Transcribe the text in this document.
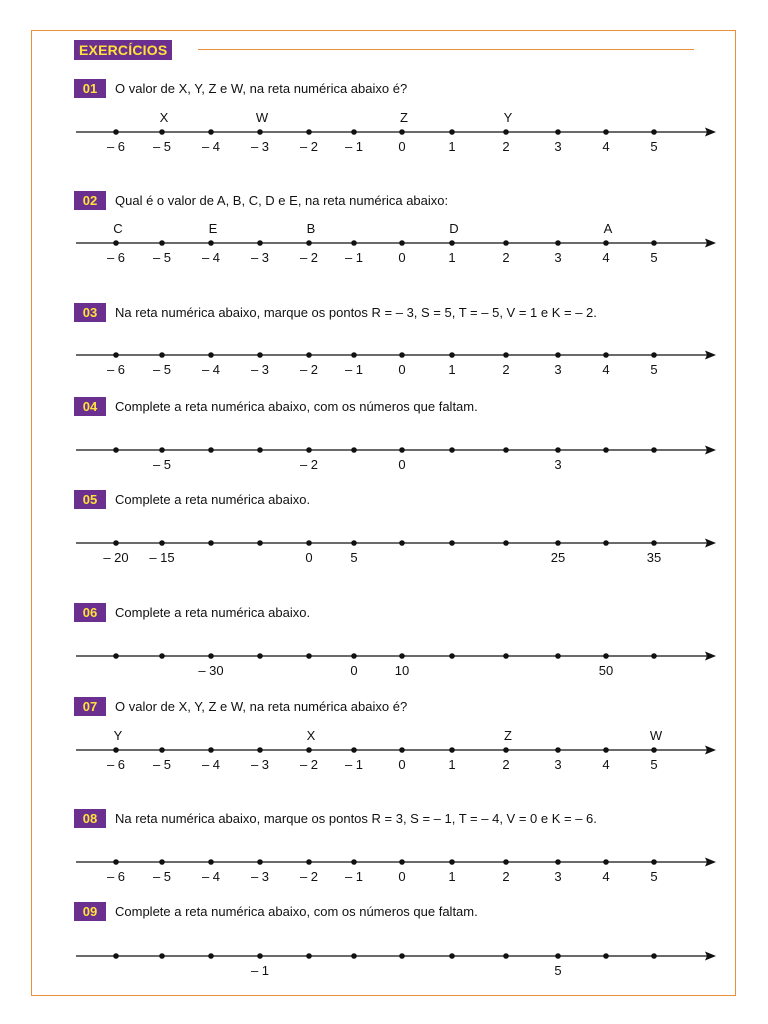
EXERCÍCIOS
01	O valor de X, Y, Z e W, na reta numérica abaixo é?
– 6 – 5
X
– 4 – 3
W
– 2 – 1	0
Z
1	2
Y
3	4	5
02	Qual é o valor de A, B, C, D e E, na reta numérica abaixo:
– 6
C
– 5 – 4
E
– 3 – 2
B
– 1	0	1
D
2	3	4
A
5
03	Na reta numérica abaixo, marque os pontos R = – 3, S = 5, T = – 5, V = 1 e K = – 2.
– 6 – 5 – 4 – 3 – 2 – 1	0	1	2	3	4	5
04	Complete a reta numérica abaixo, com os números que faltam.
– 5	– 2	0	3
05	Complete a reta numérica abaixo.
– 20 – 15	0	5	25	35
06	Complete a reta numérica abaixo.
– 30	0	10	50
07	O valor de X, Y, Z e W, na reta numérica abaixo é?
– 6
Y
– 5 – 4 – 3 – 2
X
– 1	0	1	2
Z
3	4	5
W
08	Na reta numérica abaixo, marque os pontos R = 3, S = – 1, T = – 4, V = 0 e K = – 6.
– 6 – 5 – 4 – 3 – 2 – 1	0	1	2	3	4	5
09	Complete a reta numérica abaixo, com os números que faltam.
– 1	5
